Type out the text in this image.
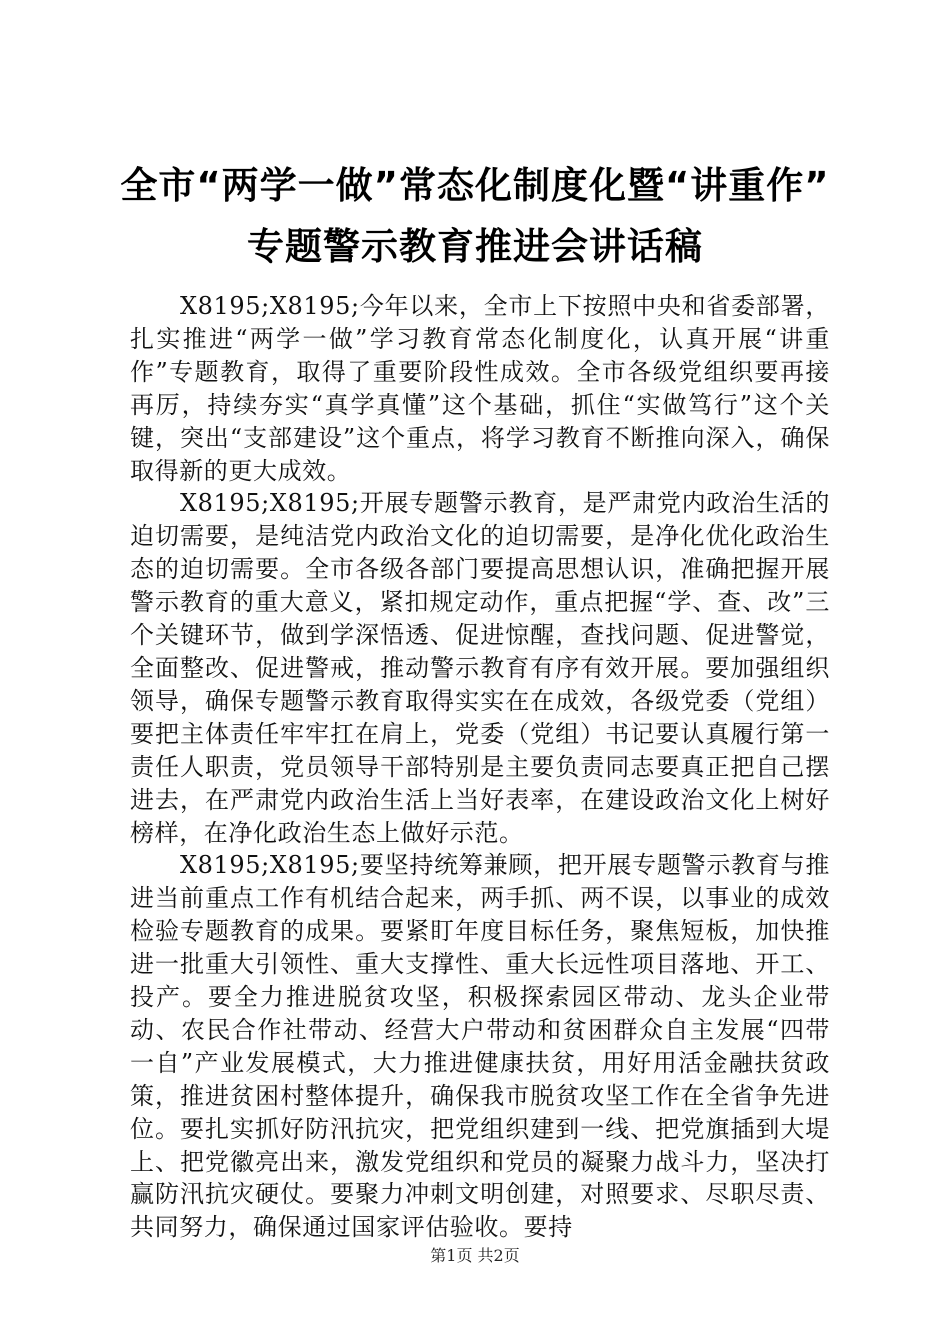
全市“两学一做”常态化制度化暨“讲重作”
专题警示教育推进会讲话稿

X8195;X8195;今年以来，全市上下按照中央和省委部署，扎实推进“两学一做”学习教育常态化制度化，认真开展“讲重作”专题教育，取得了重要阶段性成效。全市各级党组织要再接再厉，持续夯实“真学真懂”这个基础，抓住“实做笃行”这个关键，突出“支部建设”这个重点，将学习教育不断推向深入，确保取得新的更大成效。

X8195;X8195;开展专题警示教育，是严肃党内政治生活的迫切需要，是纯洁党内政治文化的迫切需要，是净化优化政治生态的迫切需要。全市各级各部门要提高思想认识，准确把握开展警示教育的重大意义，紧扣规定动作，重点把握“学、查、改”三个关键环节，做到学深悟透、促进惊醒，查找问题、促进警觉，全面整改、促进警戒，推动警示教育有序有效开展。要加强组织领导，确保专题警示教育取得实实在在成效，各级党委（党组）要把主体责任牢牢扛在肩上，党委（党组）书记要认真履行第一责任人职责，党员领导干部特别是主要负责同志要真正把自己摆进去，在严肃党内政治生活上当好表率，在建设政治文化上树好榜样，在净化政治生态上做好示范。

X8195;X8195;要坚持统筹兼顾，把开展专题警示教育与推进当前重点工作有机结合起来，两手抓、两不误，以事业的成效检验专题教育的成果。要紧盯年度目标任务，聚焦短板，加快推进一批重大引领性、重大支撑性、重大长远性项目落地、开工、投产。要全力推进脱贫攻坚，积极探索园区带动、龙头企业带动、农民合作社带动、经营大户带动和贫困群众自主发展“四带一自”产业发展模式，大力推进健康扶贫，用好用活金融扶贫政策，推进贫困村整体提升，确保我市脱贫攻坚工作在全省争先进位。要扎实抓好防汛抗灾，把党组织建到一线、把党旗插到大堤上、把党徽亮出来，激发党组织和党员的凝聚力战斗力，坚决打赢防汛抗灾硬仗。要聚力冲刺文明创建，对照要求、尽职尽责、共同努力，确保通过国家评估验收。要持

第1页 共2页
